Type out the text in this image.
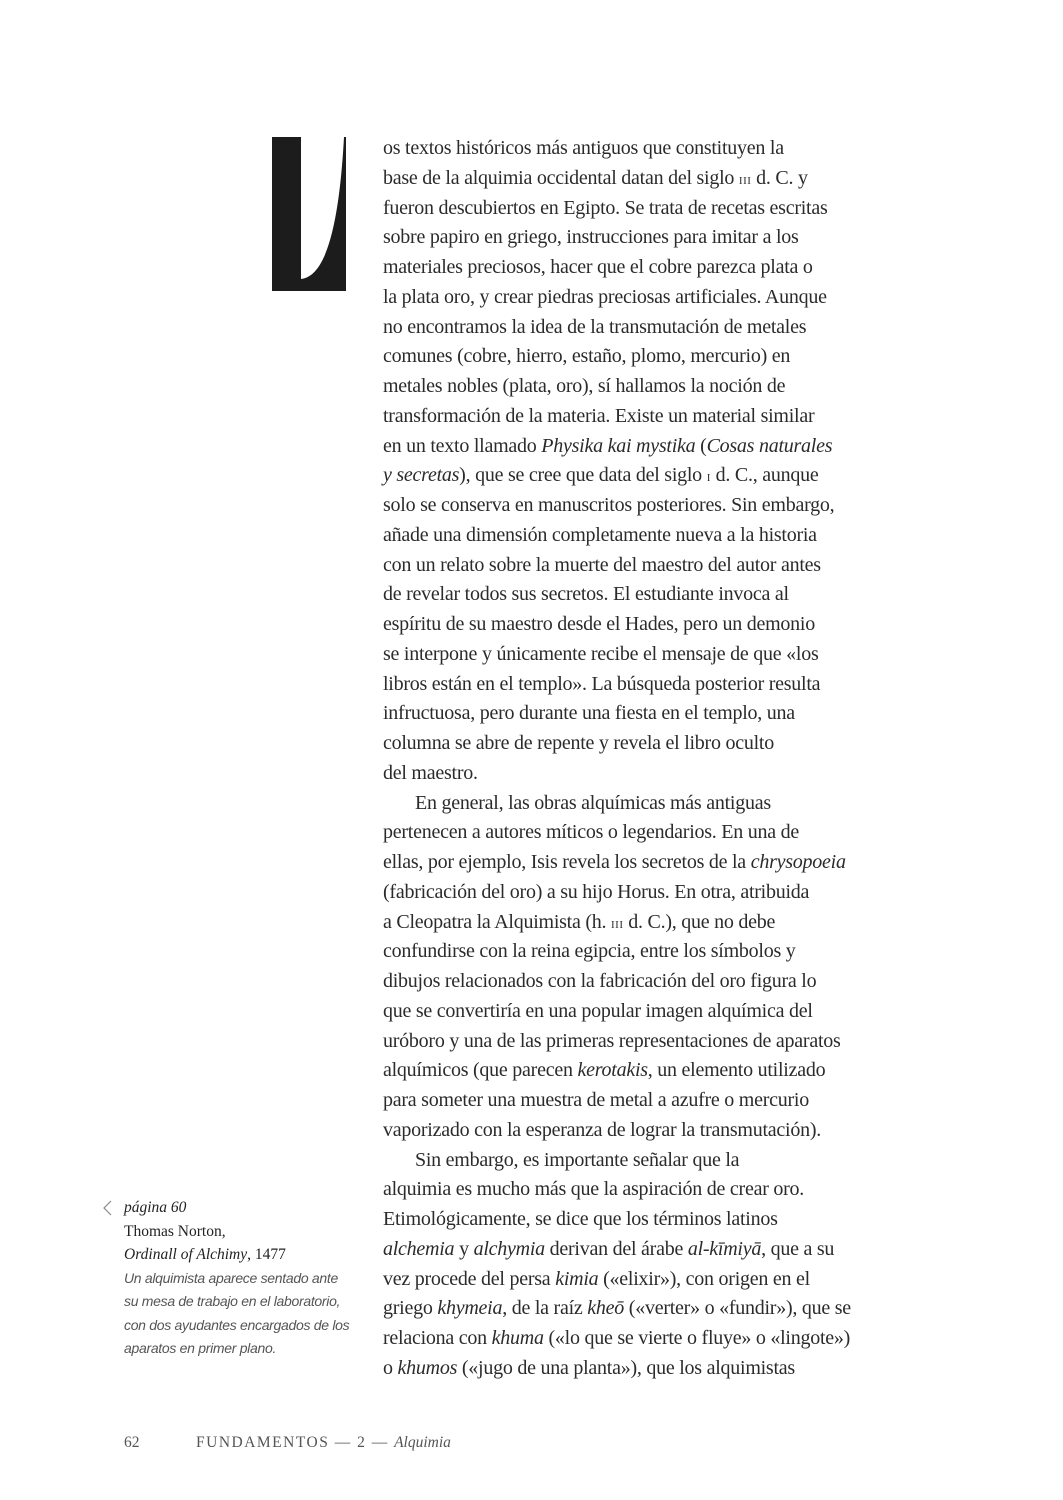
os textos históricos más antiguos que constituyen la
base de la alquimia occidental datan del siglo iii d. C. y
fueron descubiertos en Egipto. Se trata de recetas escritas
sobre papiro en griego, instrucciones para imitar a los
materiales preciosos, hacer que el cobre parezca plata o
la plata oro, y crear piedras preciosas artificiales. Aunque
no encontramos la idea de la transmutación de metales
comunes (cobre, hierro, estaño, plomo, mercurio) en
metales nobles (plata, oro), sí hallamos la noción de
transformación de la materia. Existe un material similar
en un texto llamado Physika kai mystika (Cosas naturales
y secretas), que se cree que data del siglo i d. C., aunque
solo se conserva en manuscritos posteriores. Sin embargo,
añade una dimensión completamente nueva a la historia
con un relato sobre la muerte del maestro del autor antes
de revelar todos sus secretos. El estudiante invoca al
espíritu de su maestro desde el Hades, pero un demonio
se interpone y únicamente recibe el mensaje de que «los
libros están en el templo». La búsqueda posterior resulta
infructuosa, pero durante una fiesta en el templo, una
columna se abre de repente y revela el libro oculto
del maestro.
En general, las obras alquímicas más antiguas
pertenecen a autores míticos o legendarios. En una de
ellas, por ejemplo, Isis revela los secretos de la chrysopoeia
(fabricación del oro) a su hijo Horus. En otra, atribuida
a Cleopatra la Alquimista (h. iii d. C.), que no debe
confundirse con la reina egipcia, entre los símbolos y
dibujos relacionados con la fabricación del oro figura lo
que se convertiría en una popular imagen alquímica del
uróboro y una de las primeras representaciones de aparatos
alquímicos (que parecen kerotakis, un elemento utilizado
para someter una muestra de metal a azufre o mercurio
vaporizado con la esperanza de lograr la transmutación).
Sin embargo, es importante señalar que la
alquimia es mucho más que la aspiración de crear oro.
Etimológicamente, se dice que los términos latinos
alchemia y alchymia derivan del árabe al-kīmiyā, que a su
vez procede del persa kimia («elixir»), con origen en el
griego khymeia, de la raíz kheō («verter» o «fundir»), que se
relaciona con khuma («lo que se vierte o fluye» o «lingote»)
o khumos («jugo de una planta»), que los alquimistas
página 60
Thomas Norton,
Ordinall of Alchimy, 1477
Un alquimista aparece sentado ante su mesa de trabajo en el laboratorio, con dos ayudantes encargados de los aparatos en primer plano.
62	FUNDAMENTOS — 2 — Alquimia
